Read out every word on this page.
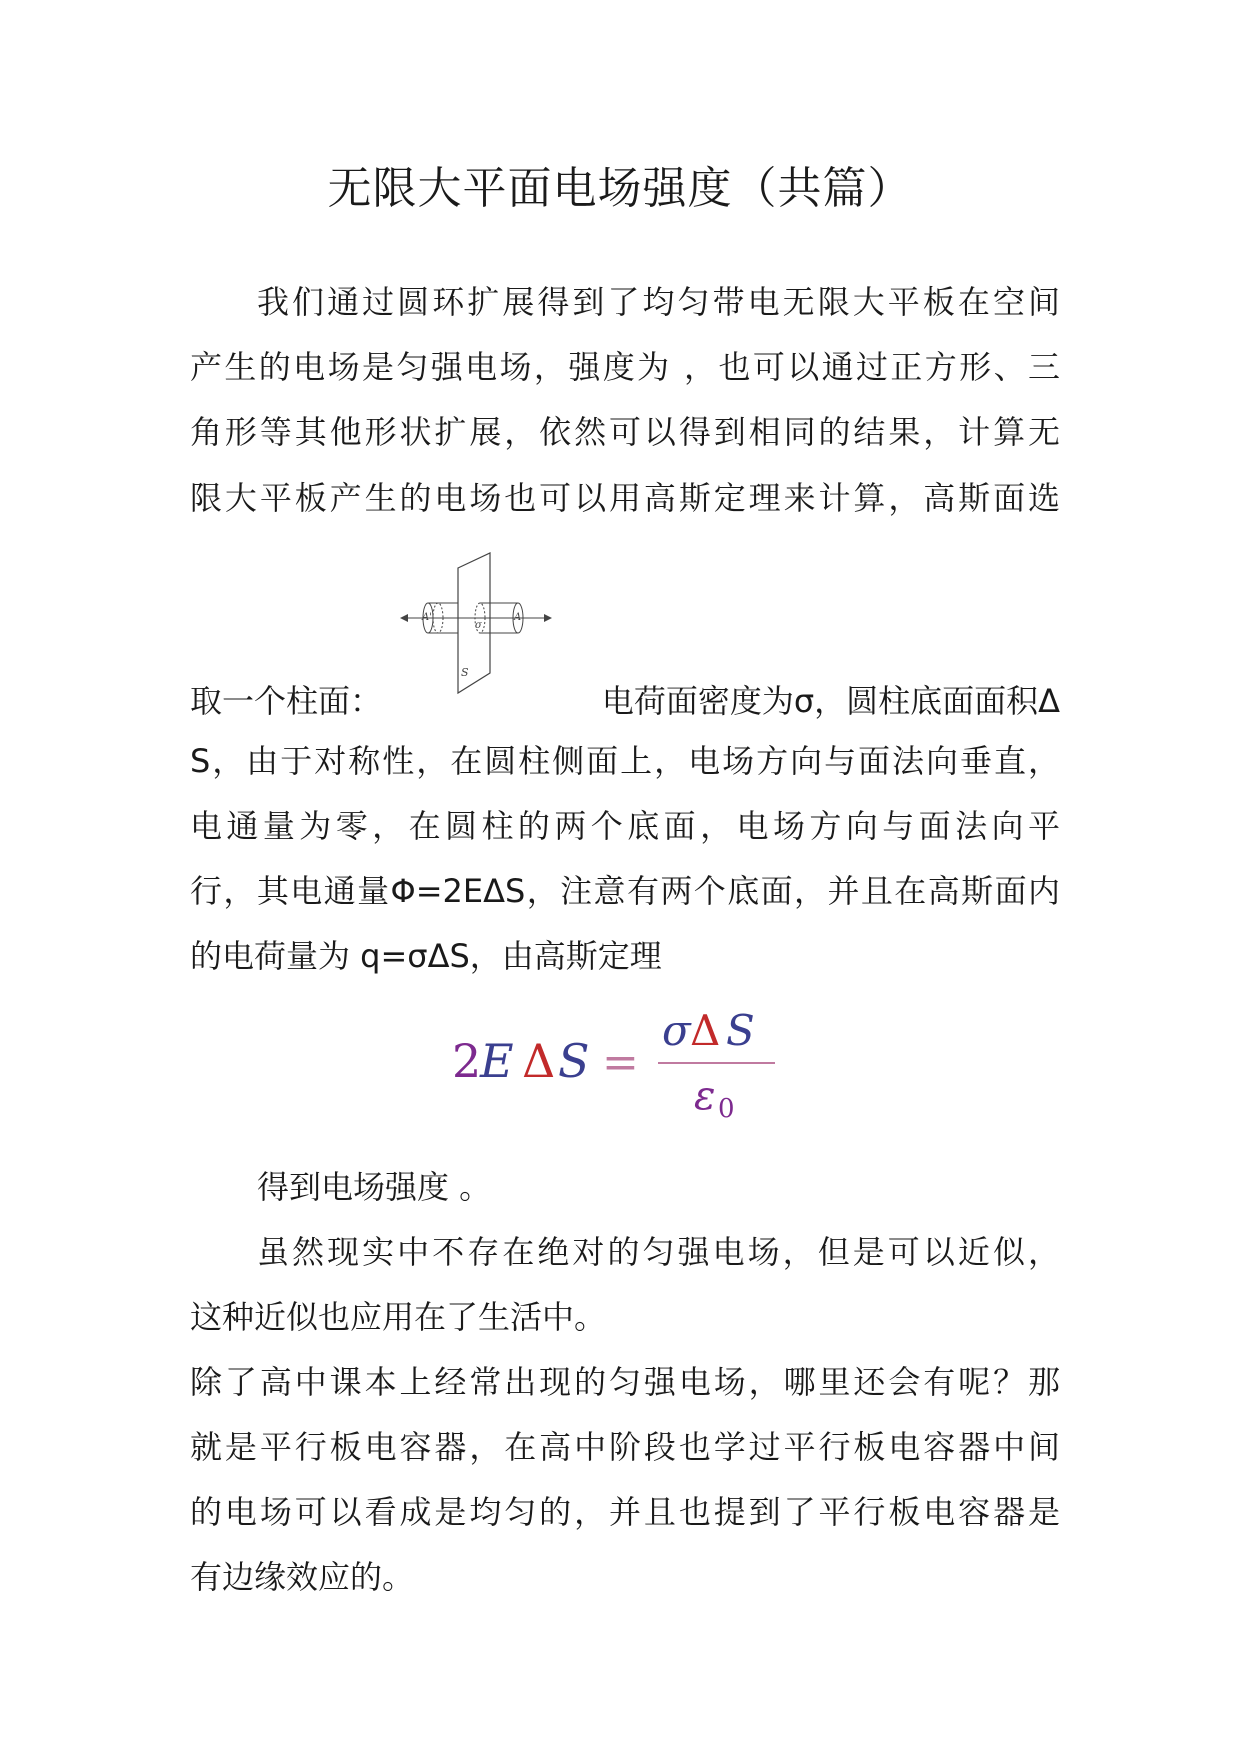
无限大平面电场强度（共篇）
我们通过圆环扩展得到了均匀带电无限大平板在空间
产生的电场是匀强电场，强度为 ，也可以通过正方形、三
角形等其他形状扩展，依然可以得到相同的结果，计算无
限大平板产生的电场也可以用高斯定理来计算，高斯面选
取一个柱面：
A'
σ
A
S
电荷面密度为σ，圆柱底面面积Δ
S，由于对称性，在圆柱侧面上，电场方向与面法向垂直，
电通量为零，在圆柱的两个底面，电场方向与面法向平
行，其电通量Φ=2EΔS，注意有两个底面，并且在高斯面内
的电荷量为 q=σΔS，由高斯定理
2
E Δ S =
σ Δ S
ε 0
得到电场强度 。
虽然现实中不存在绝对的匀强电场，但是可以近似，
这种近似也应用在了生活中。
除了高中课本上经常出现的匀强电场，哪里还会有呢？那
就是平行板电容器，在高中阶段也学过平行板电容器中间
的电场可以看成是均匀的，并且也提到了平行板电容器是
有边缘效应的。
